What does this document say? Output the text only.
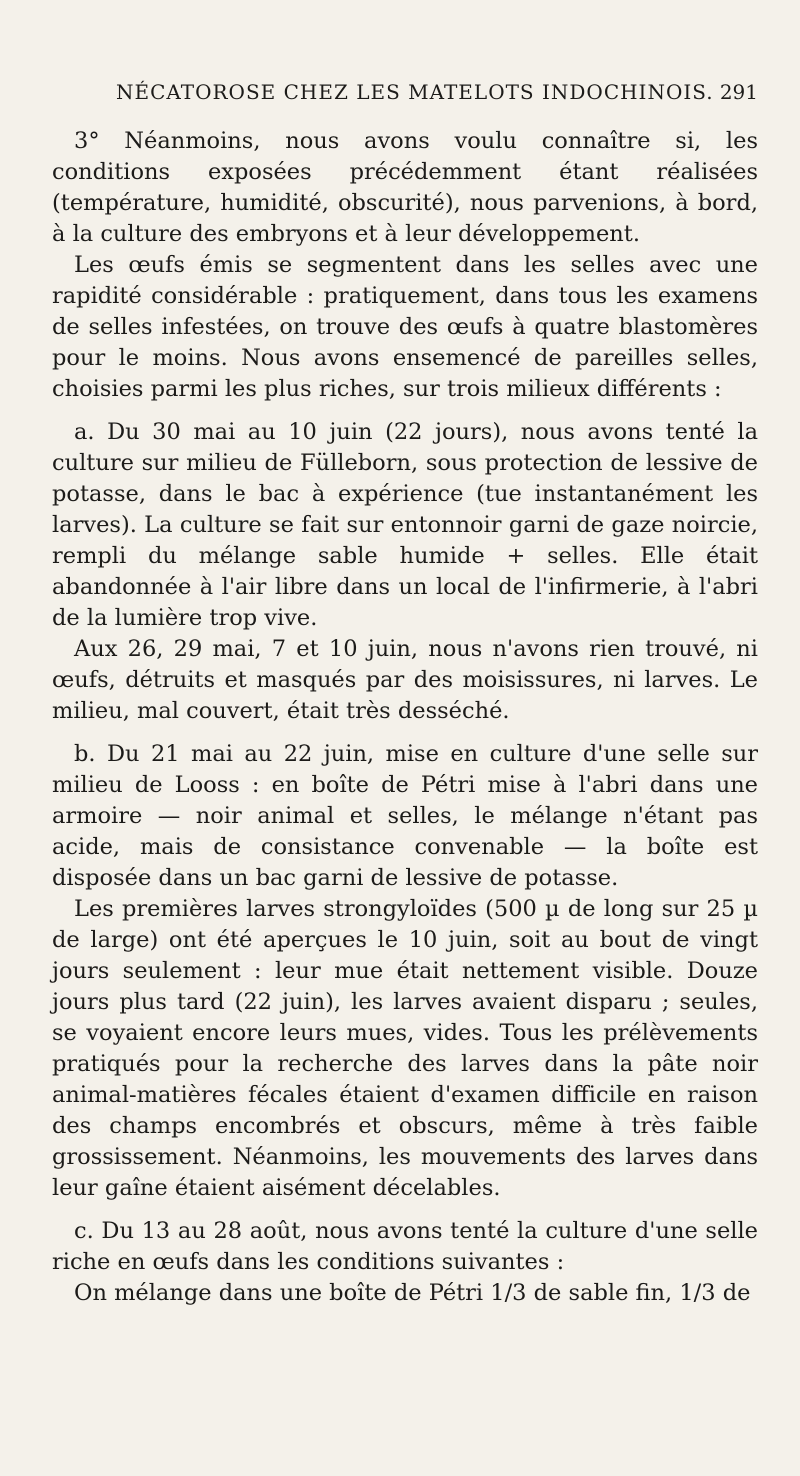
NÉCATOROSE CHEZ LES MATELOTS INDOCHINOIS. 291

3° Néanmoins, nous avons voulu connaître si, les conditions exposées précédemment étant réalisées (température, humidité, obscurité), nous parvenions, à bord, à la culture des embryons et à leur développement.

Les œufs émis se segmentent dans les selles avec une rapidité considérable : pratiquement, dans tous les examens de selles infestées, on trouve des œufs à quatre blastomères pour le moins. Nous avons ensemencé de pareilles selles, choisies parmi les plus riches, sur trois milieux différents :

a. Du 30 mai au 10 juin (22 jours), nous avons tenté la culture sur milieu de Fülleborn, sous protection de lessive de potasse, dans le bac à expérience (tue instantanément les larves). La culture se fait sur entonnoir garni de gaze noircie, rempli du mélange sable humide + selles. Elle était abandonnée à l'air libre dans un local de l'infirmerie, à l'abri de la lumière trop vive.

Aux 26, 29 mai, 7 et 10 juin, nous n'avons rien trouvé, ni œufs, détruits et masqués par des moisissures, ni larves. Le milieu, mal couvert, était très desséché.

b. Du 21 mai au 22 juin, mise en culture d'une selle sur milieu de Looss : en boîte de Pétri mise à l'abri dans une armoire — noir animal et selles, le mélange n'étant pas acide, mais de consistance convenable — la boîte est disposée dans un bac garni de lessive de potasse.

Les premières larves strongyloïdes (500 µ de long sur 25 µ de large) ont été aperçues le 10 juin, soit au bout de vingt jours seulement : leur mue était nettement visible. Douze jours plus tard (22 juin), les larves avaient disparu ; seules, se voyaient encore leurs mues, vides. Tous les prélèvements pratiqués pour la recherche des larves dans la pâte noir animal-matières fécales étaient d'examen difficile en raison des champs encombrés et obscurs, même à très faible grossissement. Néanmoins, les mouvements des larves dans leur gaîne étaient aisément décelables.

c. Du 13 au 28 août, nous avons tenté la culture d'une selle riche en œufs dans les conditions suivantes :

On mélange dans une boîte de Pétri 1/3 de sable fin, 1/3 de
